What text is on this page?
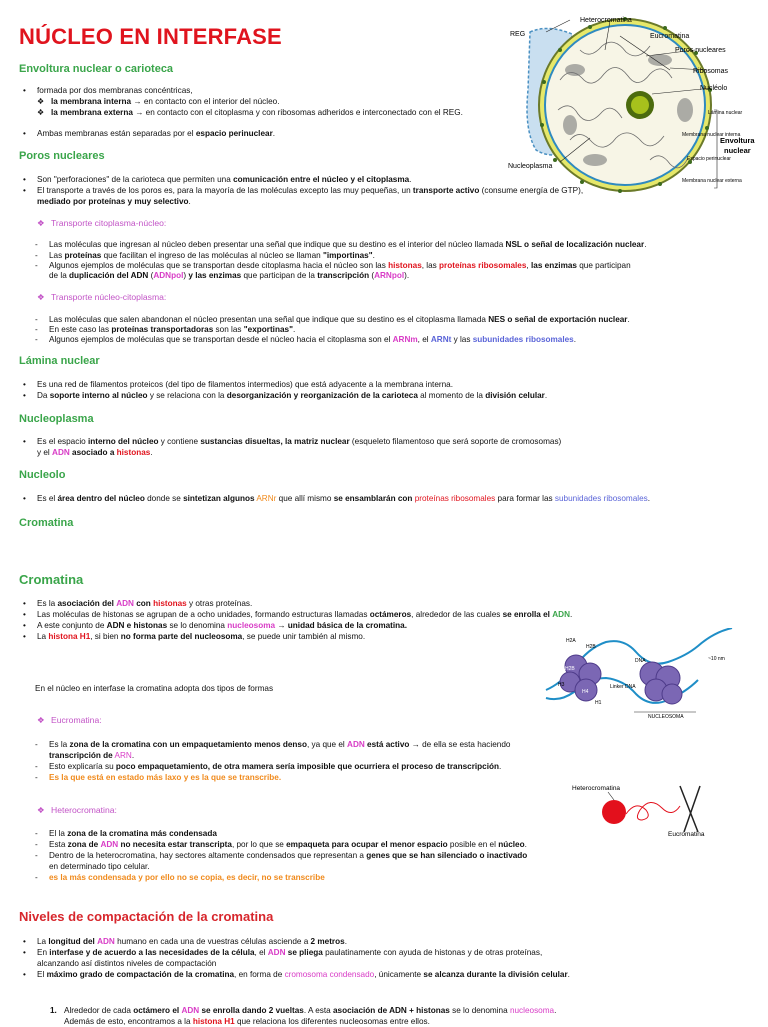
NÚCLEO EN INTERFASE
Envoltura nuclear o carioteca
• formada por dos membranas concéntricas,
❖ la membrana interna → en contacto con el interior del núcleo.
❖ la membrana externa → en contacto con el citoplasma y con ribosomas adheridos e interconectado con el REG.
• Ambas membranas están separadas por el espacio perinuclear.
Poros nucleares
• Son "perforaciones" de la carioteca que permiten una comunicación entre el núcleo y el citoplasma.
• El transporte a través de los poros es, para la mayoría de las moléculas excepto las muy pequeñas, un transporte activo (consume energía de GTP),
mediado por proteínas y muy selectivo.
❖ Transporte citoplasma-núcleo:
- Las moléculas que ingresan al núcleo deben presentar una señal que indique que su destino es el interior del núcleo llamada NSL o señal de localización nuclear.
- Las proteínas que facilitan el ingreso de las moléculas al núcleo se llaman "importinas".
- Algunos ejemplos de moléculas que se transportan desde citoplasma hacia el núcleo son las histonas, las proteínas ribosomales, las enzimas que participan
de la duplicación del ADN (ADNpol) y las enzimas que participan de la transcripción (ARNpol).
❖ Transporte núcleo-citoplasma:
- Las moléculas que salen abandonan el núcleo presentan una señal que indique que su destino es el citoplasma llamada NES o señal de exportación nuclear.
- En este caso las proteínas transportadoras son las "exportinas".
- Algunos ejemplos de moléculas que se transportan desde el núcleo hacia el citoplasma son el ARNm, el ARNt y las subunidades ribosomales.
Lámina nuclear
• Es una red de filamentos proteicos (del tipo de filamentos intermedios) que está adyacente a la membrana interna.
• Da soporte interno al núcleo y se relaciona con la desorganización y reorganización de la carioteca al momento de la división celular.
Nucleoplasma
• Es el espacio interno del núcleo y contiene sustancias disueltas, la matriz nuclear (esqueleto filamentoso que será soporte de cromosomas)
y el ADN asociado a histonas.
Nucleolo
• Es el área dentro del núcleo donde se sintetizan algunos ARNr que allí mismo se ensamblarán con proteínas ribosomales para formar las subunidades ribosomales.
Cromatina
Cromatina
• Es la asociación del ADN con histonas y otras proteínas.
• Las moléculas de histonas se agrupan de a ocho unidades, formando estructuras llamadas octámeros, alrededor de las cuales se enrolla el ADN.
• A este conjunto de ADN e histonas se lo denomina nucleosoma → unidad básica de la cromatina.
• La histona H1, si bien no forma parte del nucleosoma, se puede unir también al mismo.
En el núcleo en interfase la cromatina adopta dos tipos de formas
❖ Eucromatina:
- Es la zona de la cromatina con un empaquetamiento menos denso, ya que el ADN está activo → de ella se esta haciendo
transcripción de ARN.
- Esto explicaría su poco empaquetamiento, de otra mamera sería imposible que ocurriera el proceso de transcripción.
- Es la que está en estado más laxo y es la que se transcribe.
❖ Heterocromatina:
- El la zona de la cromatina más condensada
- Esta zona de ADN no necesita estar transcripta, por lo que se empaqueta para ocupar el menor espacio posible en el núcleo.
- Dentro de la heterocromatina, hay sectores altamente condensados que representan a genes que se han silenciado o inactivado
en determinado tipo celular.
- es la más condensada y por ello no se copia, es decir, no se transcribe
Niveles de compactación de la cromatina
• La longitud del ADN humano en cada una de vuestras células asciende a 2 metros.
• En interfase y de acuerdo a las necesidades de la célula, el ADN se pliega paulatinamente con ayuda de histonas y de otras proteínas,
alcanzando así distintos niveles de compactación
• El máximo grado de compactación de la cromatina, en forma de cromosoma condensado, únicamente se alcanza durante la división celular.
1. Alrededor de cada octámero el ADN se enrolla dando 2 vueltas. A esta asociación de ADN + histonas se lo denomina nucleosoma.
Además de esto, encontramos a la histona H1 que relaciona los diferentes nucleosomas entre ellos.
REG
Heterocromatina
Eucromatina
Poros nucleares
Ribosomas
Nucléolo
Lámina nuclear
Membrana nuclear interna
Espacio perinuclear
Membrana nuclear externa
Nucleoplasma
Envoltura
nuclear
H2A
H2B
H2B
H3
H4
H1
DNA	~10 nm
Linker DNA
NUCLEOSOMA
Heterocromatina
Eucromatina
